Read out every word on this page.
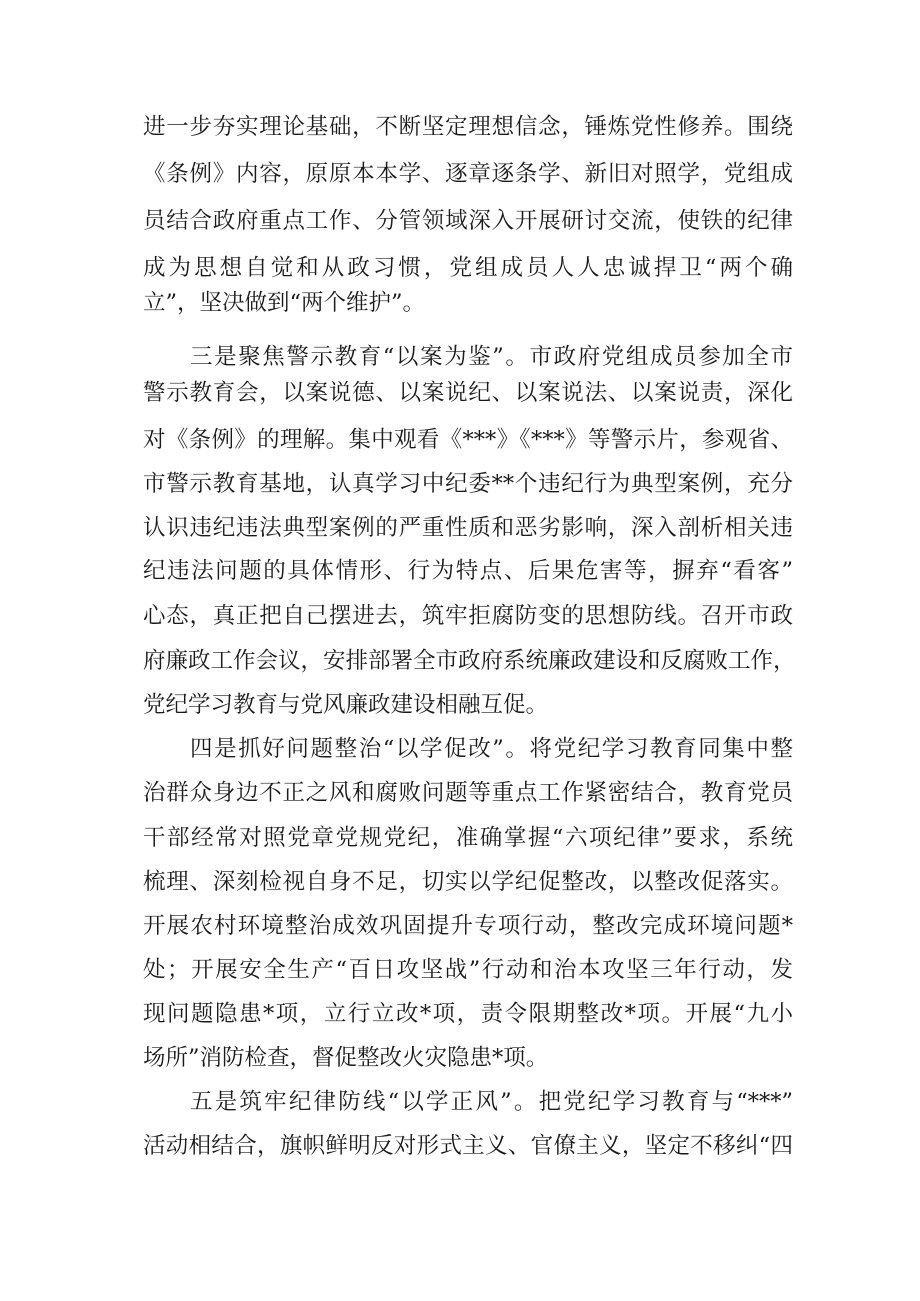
进一步夯实理论基础，不断坚定理想信念，锤炼党性修养。围绕

《条例》内容，原原本本学、逐章逐条学、新旧对照学，党组成

员结合政府重点工作、分管领域深入开展研讨交流，使铁的纪律

成为思想自觉和从政习惯，党组成员人人忠诚捍卫“两个确

立”，坚决做到“两个维护”。

三是聚焦警示教育“以案为鉴”。市政府党组成员参加全市

警示教育会，以案说德、以案说纪、以案说法、以案说责，深化

对《条例》的理解。集中观看《***》《***》等警示片，参观省、

市警示教育基地，认真学习中纪委**个违纪行为典型案例，充分

认识违纪违法典型案例的严重性质和恶劣影响，深入剖析相关违

纪违法问题的具体情形、行为特点、后果危害等，摒弃“看客”

心态，真正把自己摆进去，筑牢拒腐防变的思想防线。召开市政

府廉政工作会议，安排部署全市政府系统廉政建设和反腐败工作，

党纪学习教育与党风廉政建设相融互促。

四是抓好问题整治“以学促改”。将党纪学习教育同集中整

治群众身边不正之风和腐败问题等重点工作紧密结合，教育党员

干部经常对照党章党规党纪，准确掌握“六项纪律”要求，系统

梳理、深刻检视自身不足，切实以学纪促整改，以整改促落实。

开展农村环境整治成效巩固提升专项行动，整改完成环境问题*

处；开展安全生产“百日攻坚战”行动和治本攻坚三年行动，发

现问题隐患*项，立行立改*项，责令限期整改*项。开展“九小

场所”消防检查，督促整改火灾隐患*项。

五是筑牢纪律防线“以学正风”。把党纪学习教育与“***”

活动相结合，旗帜鲜明反对形式主义、官僚主义，坚定不移纠“四
